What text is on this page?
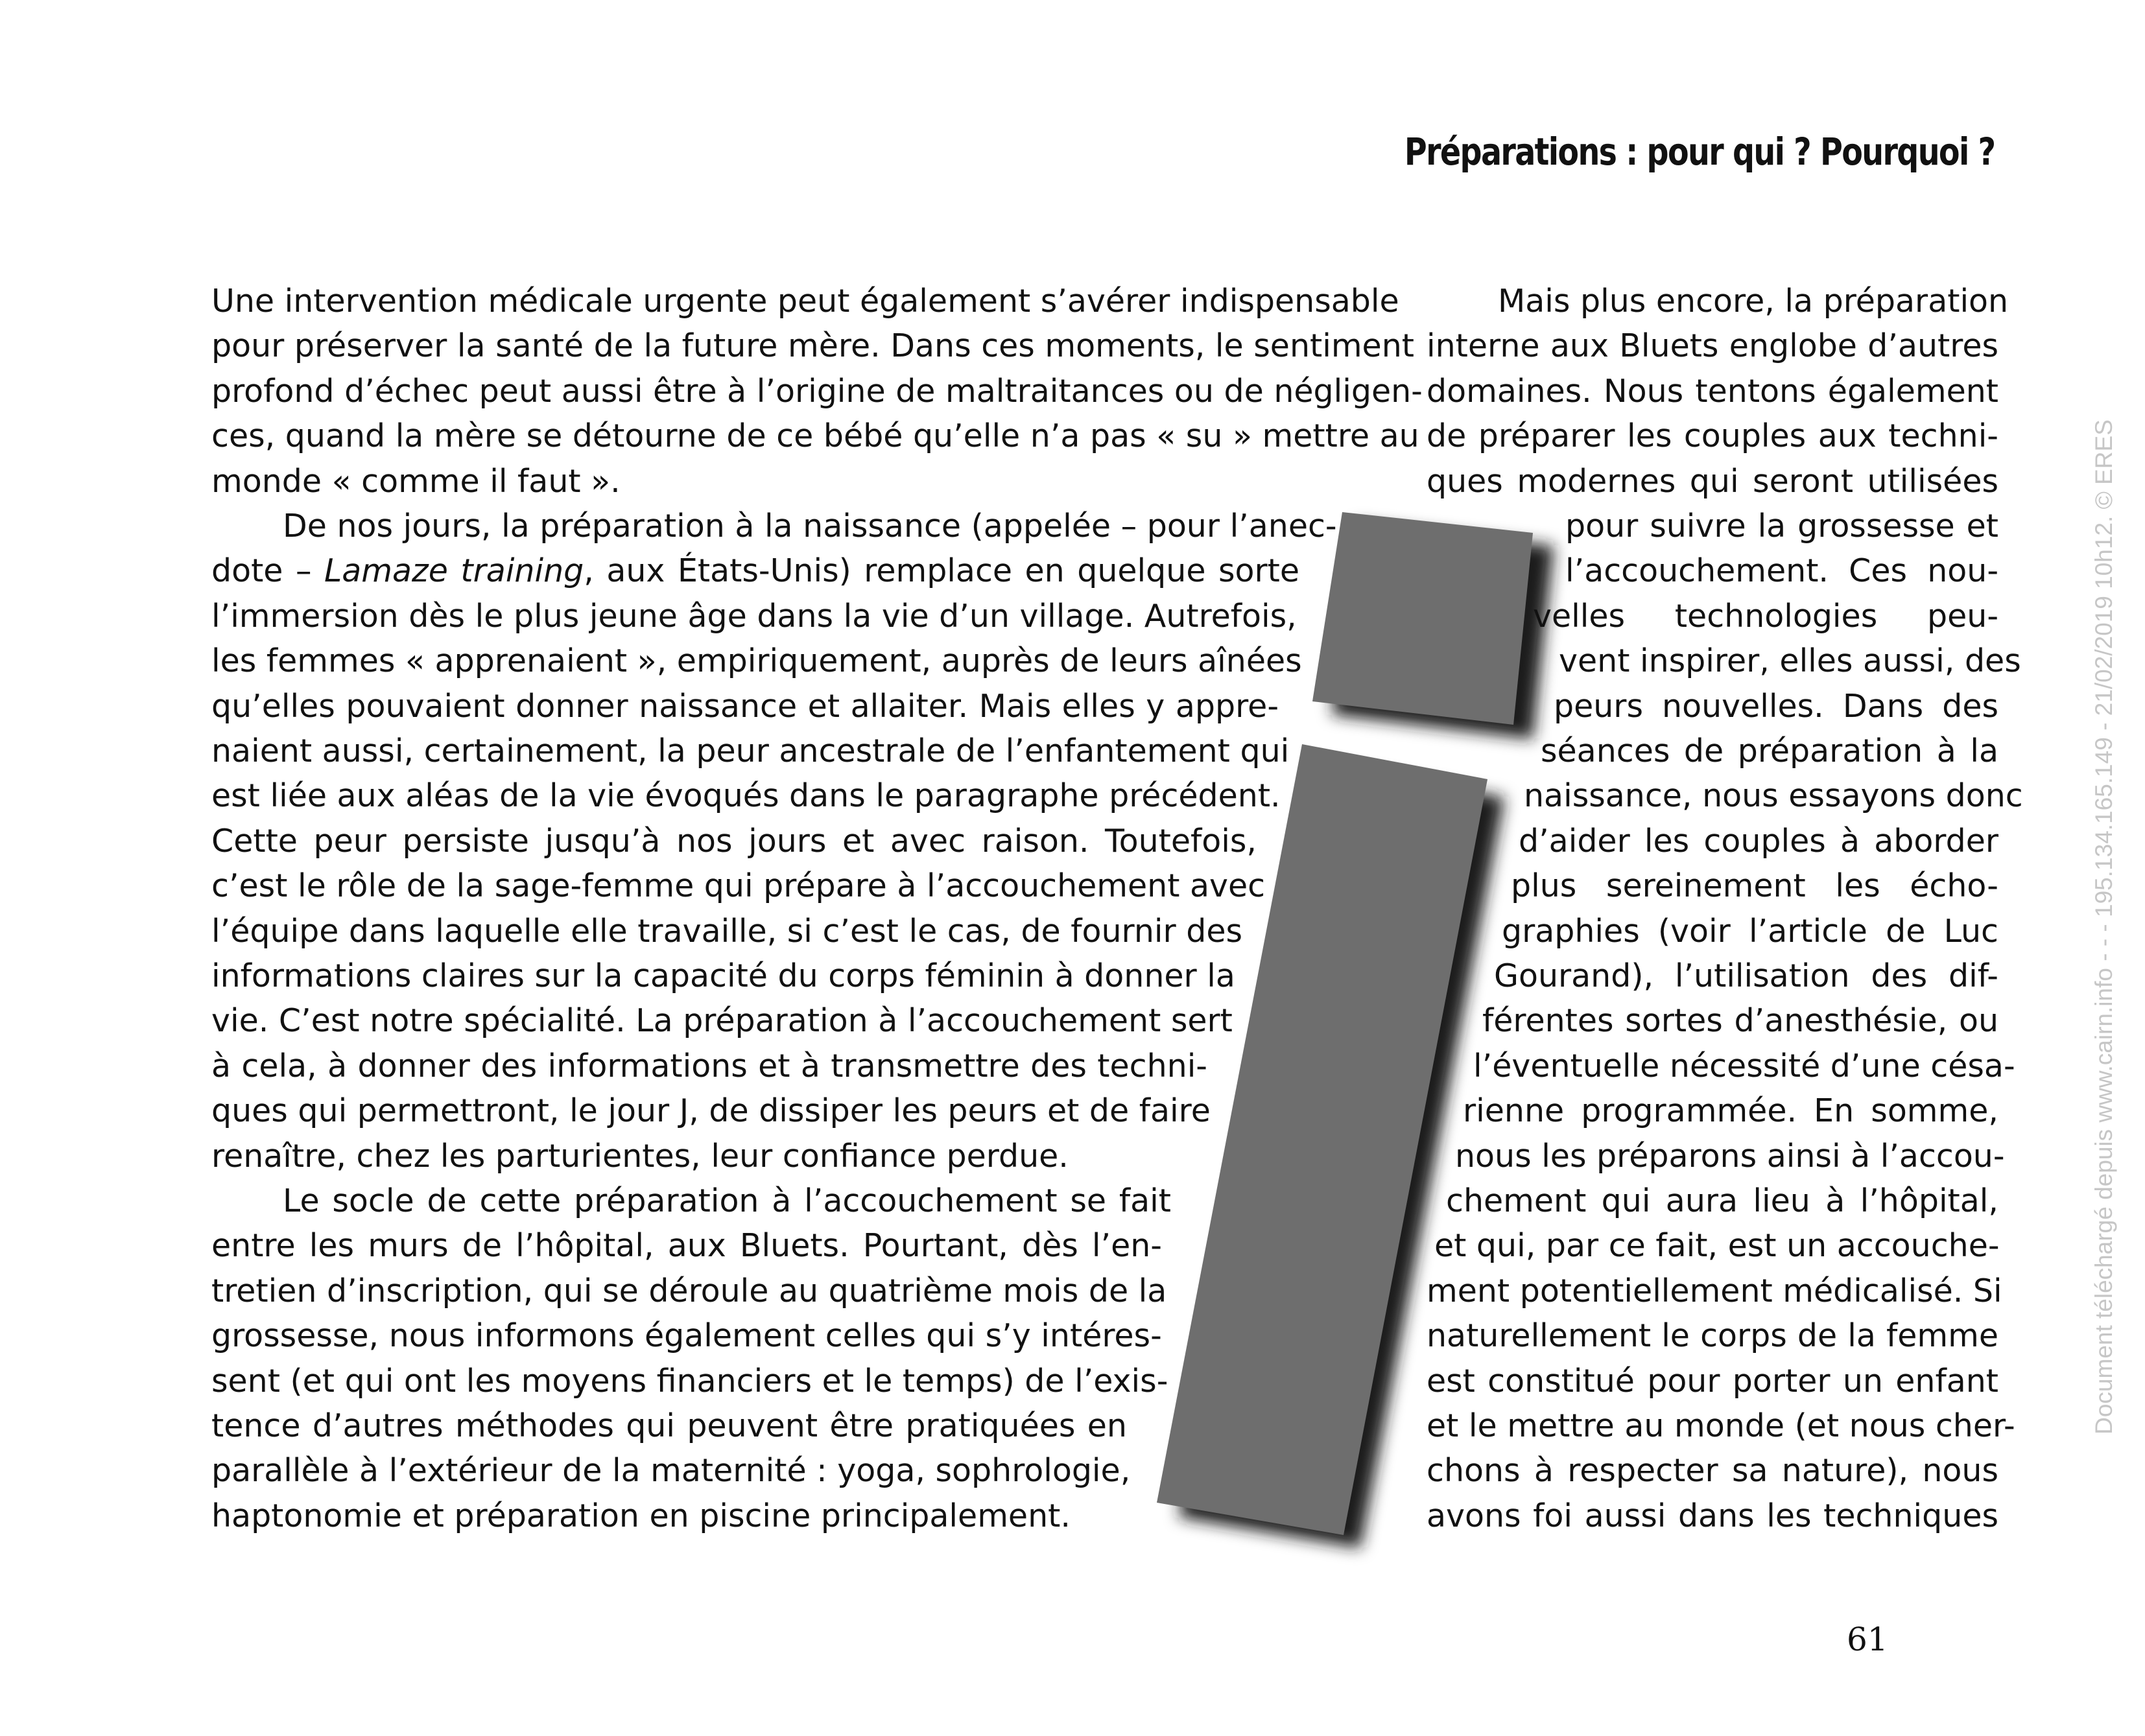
Préparations : pour qui ? Pourquoi ?
Une intervention médicale urgente peut également s’avérer indispensable
pour préserver la santé de la future mère. Dans ces moments, le sentiment
profond d’échec peut aussi être à l’origine de maltraitances ou de négligen-
ces, quand la mère se détourne de ce bébé qu’elle n’a pas « su » mettre au
monde « comme il faut ».
De nos jours, la préparation à la naissance (appelée – pour l’anec-
dote – Lamaze training, aux États-Unis) remplace en quelque sorte
l’immersion dès le plus jeune âge dans la vie d’un village. Autrefois,
les femmes « apprenaient », empiriquement, auprès de leurs aînées
qu’elles pouvaient donner naissance et allaiter. Mais elles y appre-
naient aussi, certainement, la peur ancestrale de l’enfantement qui
est liée aux aléas de la vie évoqués dans le paragraphe précédent.
Cette peur persiste jusqu’à nos jours et avec raison. Toutefois,
c’est le rôle de la sage-femme qui prépare à l’accouchement avec
l’équipe dans laquelle elle travaille, si c’est le cas, de fournir des
informations claires sur la capacité du corps féminin à donner la
vie. C’est notre spécialité. La préparation à l’accouchement sert
à cela, à donner des informations et à transmettre des techni-
ques qui permettront, le jour J, de dissiper les peurs et de faire
renaître, chez les parturientes, leur confiance perdue.
Le socle de cette préparation à l’accouchement se fait
entre les murs de l’hôpital, aux Bluets. Pourtant, dès l’en-
tretien d’inscription, qui se déroule au quatrième mois de la
grossesse, nous informons également celles qui s’y intéres-
sent (et qui ont les moyens financiers et le temps) de l’exis-
tence d’autres méthodes qui peuvent être pratiquées en
parallèle à l’extérieur de la maternité : yoga, sophrologie,
haptonomie et préparation en piscine principalement.
Mais plus encore, la préparation
interne aux Bluets englobe d’autres
domaines. Nous tentons également
de préparer les couples aux techni-
ques modernes qui seront utilisées
pour suivre la grossesse et
l’accouchement. Ces nou-
velles technologies peu-
vent inspirer, elles aussi, des
peurs nouvelles. Dans des
séances de préparation à la
naissance, nous essayons donc
d’aider les couples à aborder
plus sereinement les écho-
graphies (voir l’article de Luc
Gourand), l’utilisation des dif-
férentes sortes d’anesthésie, ou
l’éventuelle nécessité d’une césa-
rienne programmée. En somme,
nous les préparons ainsi à l’accou-
chement qui aura lieu à l’hôpital,
et qui, par ce fait, est un accouche-
ment potentiellement médicalisé. Si
naturellement le corps de la femme
est constitué pour porter un enfant
et le mettre au monde (et nous cher-
chons à respecter sa nature), nous
avons foi aussi dans les techniques
Document téléchargé depuis www.cairn.info - - - 195.134.165.149 - 21/02/2019 10h12. © ERES
61
